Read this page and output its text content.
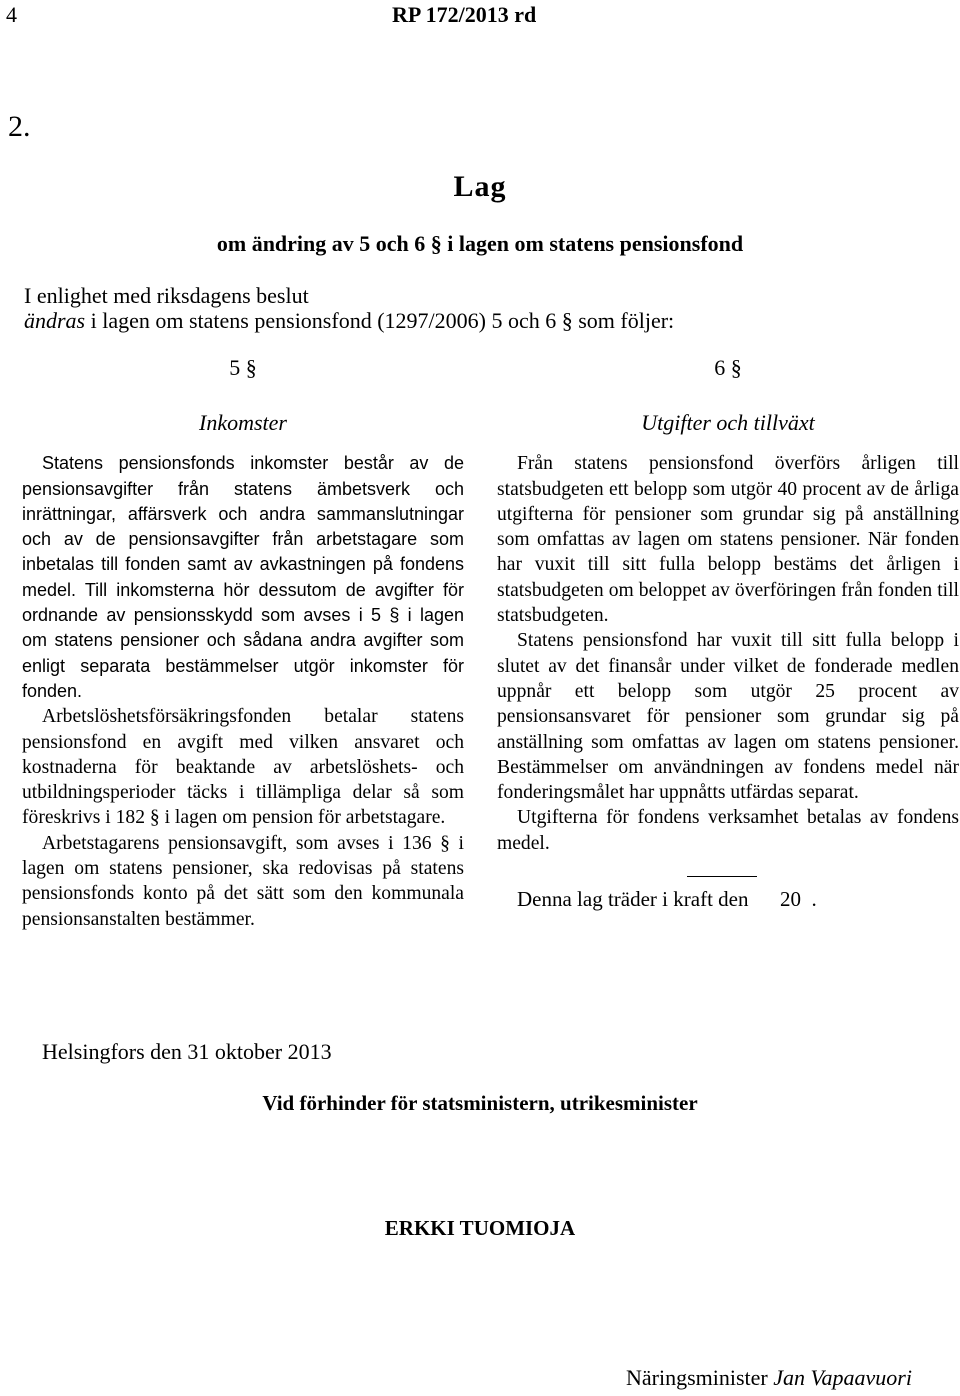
4	RP 172/2013 rd
2.
Lag
om ändring av 5 och 6 § i lagen om statens pensionsfond
I enlighet med riksdagens beslut
ändras i lagen om statens pensionsfond (1297/2006) 5 och 6 § som följer:
5 §
Inkomster

Statens pensionsfonds inkomster består av de pensionsavgifter från statens ämbetsverk och inrättningar, affärsverk och andra sammanslutningar och av de pensionsavgifter från arbetstagare som inbetalas till fonden samt av avkastningen på fondens medel. Till inkomsterna hör dessutom de avgifter för ordnande av pensionsskydd som avses i 5 § i lagen om statens pensioner och sådana andra avgifter som enligt separata bestämmelser utgör inkomster för fonden.

Arbetslöshetsförsäkringsfonden betalar statens pensionsfond en avgift med vilken ansvaret och kostnaderna för beaktande av arbetslöshets- och utbildningsperioder täcks i tillämpliga delar så som föreskrivs i 182 § i lagen om pension för arbetstagare.

Arbetstagarens pensionsavgift, som avses i 136 § i lagen om statens pensioner, ska redovisas på statens pensionsfonds konto på det sätt som den kommunala pensionsanstalten bestämmer.

6 §
Utgifter och tillväxt

Från statens pensionsfond överförs årligen till statsbudgeten ett belopp som utgör 40 procent av de årliga utgifterna för pensioner som grundar sig på anställning som omfattas av lagen om statens pensioner. När fonden har vuxit till sitt fulla belopp bestäms det årligen i statsbudgeten om beloppet av överföringen från fonden till statsbudgeten.

Statens pensionsfond har vuxit till sitt fulla belopp i slutet av det finansår under vilket de fonderade medlen uppnår ett belopp som utgör 25 procent av pensionsansvaret för pensioner som grundar sig på anställning som omfattas av lagen om statens pensioner. Bestämmelser om användningen av fondens medel när fonderingsmålet har uppnåtts utfärdas separat.

Utgifterna för fondens verksamhet betalas av fondens medel.

Denna lag träder i kraft den      20  .
Helsingfors den 31 oktober 2013
Vid förhinder för statsministern, utrikesminister
ERKKI TUOMIOJA
Näringsminister Jan Vapaavuori
